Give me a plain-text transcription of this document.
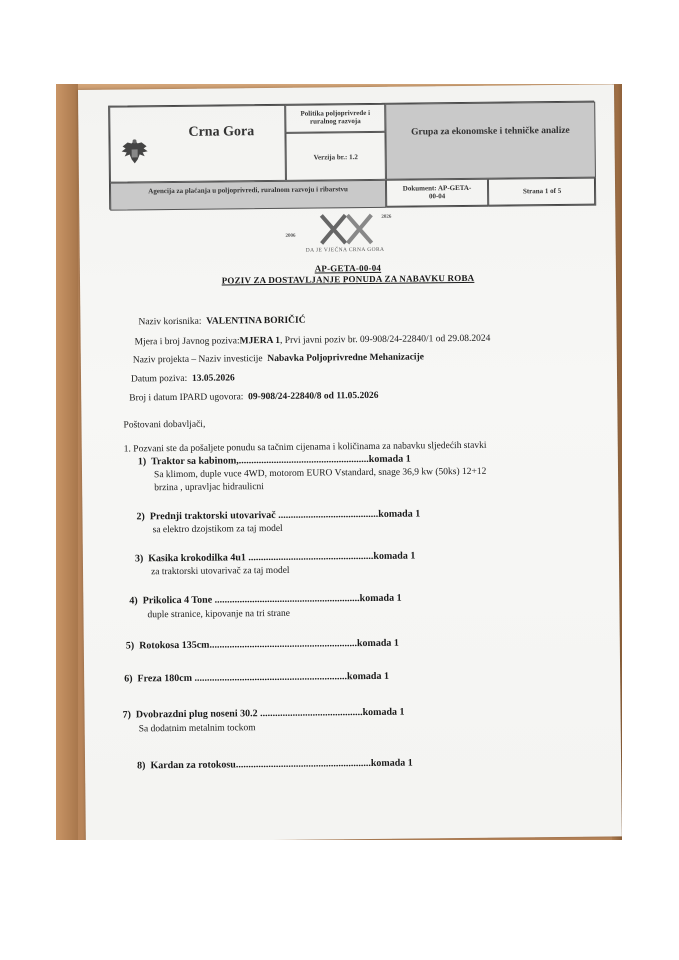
Crna Gora
Politika poljoprivrede i ruralnog razvoja
Verzija br.: 1.2
Grupa za ekonomske i tehničke analize
Agencija za plaćanja u poljoprivredi, ruralnom razvoju i ribarstvu	Dokument: AP-GETA-00-04
Strana 1 of 5
2006
2026
DA JE VJEČNA CRNA GORA
AP-GETA-00-04
POZIV ZA DOSTAVLJANJE PONUDA ZA NABAVKU ROBA
Naziv korisnika: VALENTINA BORIČIĆ
Mjera i broj Javnog poziva:MJERA 1, Prvi javni poziv br. 09-908/24-22840/1 od 29.08.2024
Naziv projekta – Naziv investicije Nabavka Poljoprivredne Mehanizacije
Datum poziva: 13.05.2026
Broj i datum IPARD ugovora: 09-908/24-22840/8 od 11.05.2026
Poštovani dobavljači,
1. Pozvani ste da pošaljete ponudu sa tačnim cijenama i količinama za nabavku sljedećih stavki
1) Traktor sa kabinom,....................................................komada 1
Sa klimom, duple vuce 4WD, motorom EURO Vstandard, snage 36,9 kw (50ks) 12+12
brzina , upravljac hidraulicni
2) Prednji traktorski utovarivač ........................................komada 1
sa elektro dzojstikom za taj model
3) Kasika krokodilka 4u1 ..................................................komada 1
za traktorski utovarivač za taj model
4) Prikolica 4 Tone ..........................................................komada 1
duple stranice, kipovanje na tri strane
5) Rotokosa 135cm...........................................................komada 1
6) Freza 180cm .............................................................komada 1
7) Dvobrazdni plug noseni 30.2 .........................................komada 1
Sa dodatnim metalnim tockom
8) Kardan za rotokosu......................................................komada 1
